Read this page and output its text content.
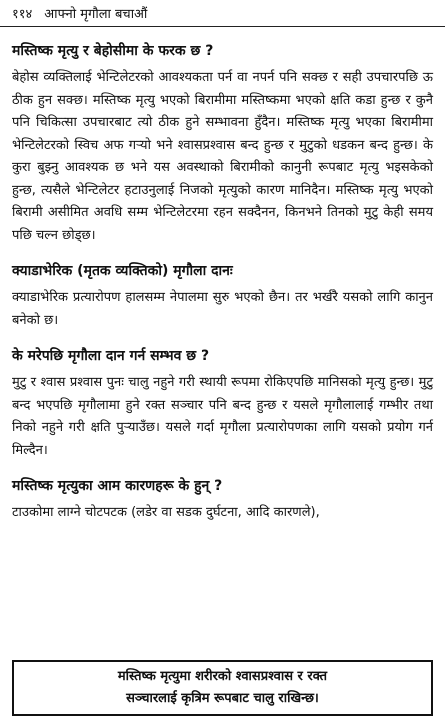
११४ आफ्नो मृगौला बचाऔं
मस्तिष्क मृत्यु र बेहोसीमा के फरक छ ?

बेहोस व्यक्तिलाई भेन्टिलेटरको आवश्यकता पर्न वा नपर्न पनि सक्छ र सही उपचारपछि ऊ ठीक हुन सक्छ। मस्तिष्क मृत्यु भएको बिरामीमा मस्तिष्कमा भएको क्षति कडा हुन्छ र कुनै पनि चिकित्सा उपचारबाट त्यो ठीक हुने सम्भावना हुँदैन। मस्तिष्क मृत्यु भएका बिरामीमा भेन्टिलेटरको स्विच अफ गऱ्यो भने श्वासप्रश्वास बन्द हुन्छ र मुटुको धडकन बन्द हुन्छ। के कुरा बुझ्नु आवश्यक छ भने यस अवस्थाको बिरामीको कानुनी रूपबाट मृत्यु भइसकेको हुन्छ, त्यसैले भेन्टिलेटर हटाउनुलाई निजको मृत्युको कारण मानिदैन। मस्तिष्क मृत्यु भएको बिरामी असीमित अवधि सम्म भेन्टिलेटरमा रहन सक्दैनन, किनभने तिनको मुटु केही समय पछि चल्न छोड्छ।

क्याडाभेरिक (मृतक व्यक्तिको) मृगौला दानः

क्याडाभेरिक प्रत्यारोपण हालसम्म नेपालमा सुरु भएको छैन। तर भर्खरै यसको लागि कानुन बनेको छ।

के मरेपछि मृगौला दान गर्न सम्भव छ ?

मुटु र श्वास प्रश्वास पुनः चालु नहुने गरी स्थायी रूपमा रोकिएपछि मानिसको मृत्यु हुन्छ। मुटु बन्द भएपछि मृगौलामा हुने रक्त सञ्चार पनि बन्द हुन्छ र यसले मृगौलालाई गम्भीर तथा निको नहुने गरी क्षति पुऱ्याउँछ। यसले गर्दा मृगौला प्रत्यारोपणका लागि यसको प्रयोग गर्न मिल्दैन।

मस्तिष्क मृत्युका आम कारणहरू के हुन् ?

टाउकोमा लाग्ने चोटपटक (लडेर वा सडक दुर्घटना, आदि कारणले),

मस्तिष्क मृत्युमा शरीरको श्वासप्रश्वास र रक्त
सञ्चारलाई कृत्रिम रूपबाट चालु राखिन्छ।
